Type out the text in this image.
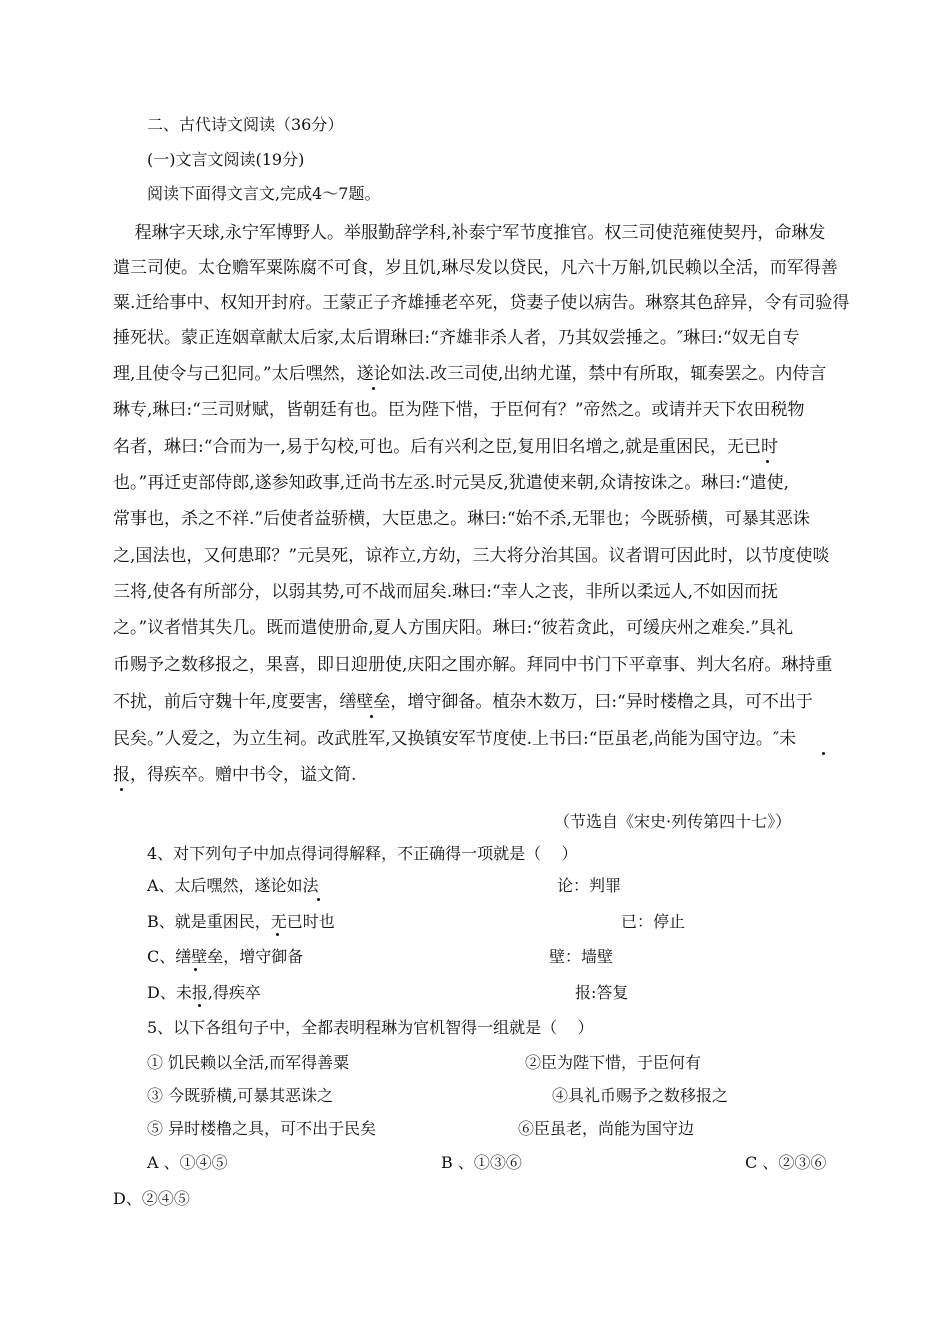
二、古代诗文阅读（36分）
(一)文言文阅读(19分)
阅读下面得文言文,完成4～7题。
程琳字天球,永宁军博野人。举服勤辞学科,补泰宁军节度推官。权三司使范雍使契丹，命琳发
遣三司使。太仓赡军粟陈腐不可食，岁且饥,琳尽发以贷民，凡六十万斛,饥民赖以全活，而军得善
粟.迁给事中、权知开封府。王蒙正子齐雄捶老卒死，贷妻子使以病告。琳察其色辞异，令有司验得
捶死状。蒙正连姻章献太后家,太后谓琳曰:“齐雄非杀人者，乃其奴尝捶之。″琳曰:“奴无自专
理,且使令与己犯同。”太后嘿然，遂论如法.改三司使,出纳尤谨，禁中有所取，辄奏罢之。内侍言
琳专,琳曰:“三司财赋，皆朝廷有也。臣为陛下惜，于臣何有？”帝然之。或请并天下农田税物
名者，琳曰:“合而为一,易于勾校,可也。后有兴利之臣,复用旧名增之,就是重困民，无已时
也。”再迁吏部侍郎,遂参知政事,迁尚书左丞.时元昊反,犹遣使来朝,众请按诛之。琳曰:“遣使,
常事也，杀之不祥.”后使者益骄横，大臣患之。琳曰:“始不杀,无罪也；今既骄横，可暴其恶诛
之,国法也，又何患耶？”元昊死，谅祚立,方幼，三大将分治其国。议者谓可因此时，以节度使啖
三将,使各有所部分，以弱其势,可不战而屈矣.琳曰:“幸人之丧，非所以柔远人,不如因而抚
之。”议者惜其失几。既而遣使册命,夏人方围庆阳。琳曰:“彼若贪此，可缓庆州之难矣.”具礼
币赐予之数移报之，果喜，即日迎册使,庆阳之围亦解。拜同中书门下平章事、判大名府。琳持重
不扰，前后守魏十年,度要害，缮壁垒，增守御备。植杂木数万，曰:“异时楼橹之具，可不出于
民矣。”人爱之，为立生祠。改武胜军,又换镇安军节度使.上书曰:“臣虽老,尚能为国守边。″未
报，得疾卒。赠中书令，谥文简.
（节选自《宋史·列传第四十七》）
4、对下列句子中加点得词得解释，不正确得一项就是（    ）
A、太后嘿然，遂论如法	论：判罪
B、就是重困民，无已时也	已：停止
C、缮壁垒，增守御备	壁：墙壁
D、未报,得疾卒	报:答复
5、以下各组句子中，全都表明程琳为官机智得一组就是（    ）
① 饥民赖以全活,而军得善粟	②臣为陛下惜，于臣何有
③ 今既骄横,可暴其恶诛之	④具礼币赐予之数移报之
⑤ 异时楼橹之具，可不出于民矣	⑥臣虽老，尚能为国守边
A 、①④⑤	B 、①③⑥	C 、②③⑥
D、②④⑤
